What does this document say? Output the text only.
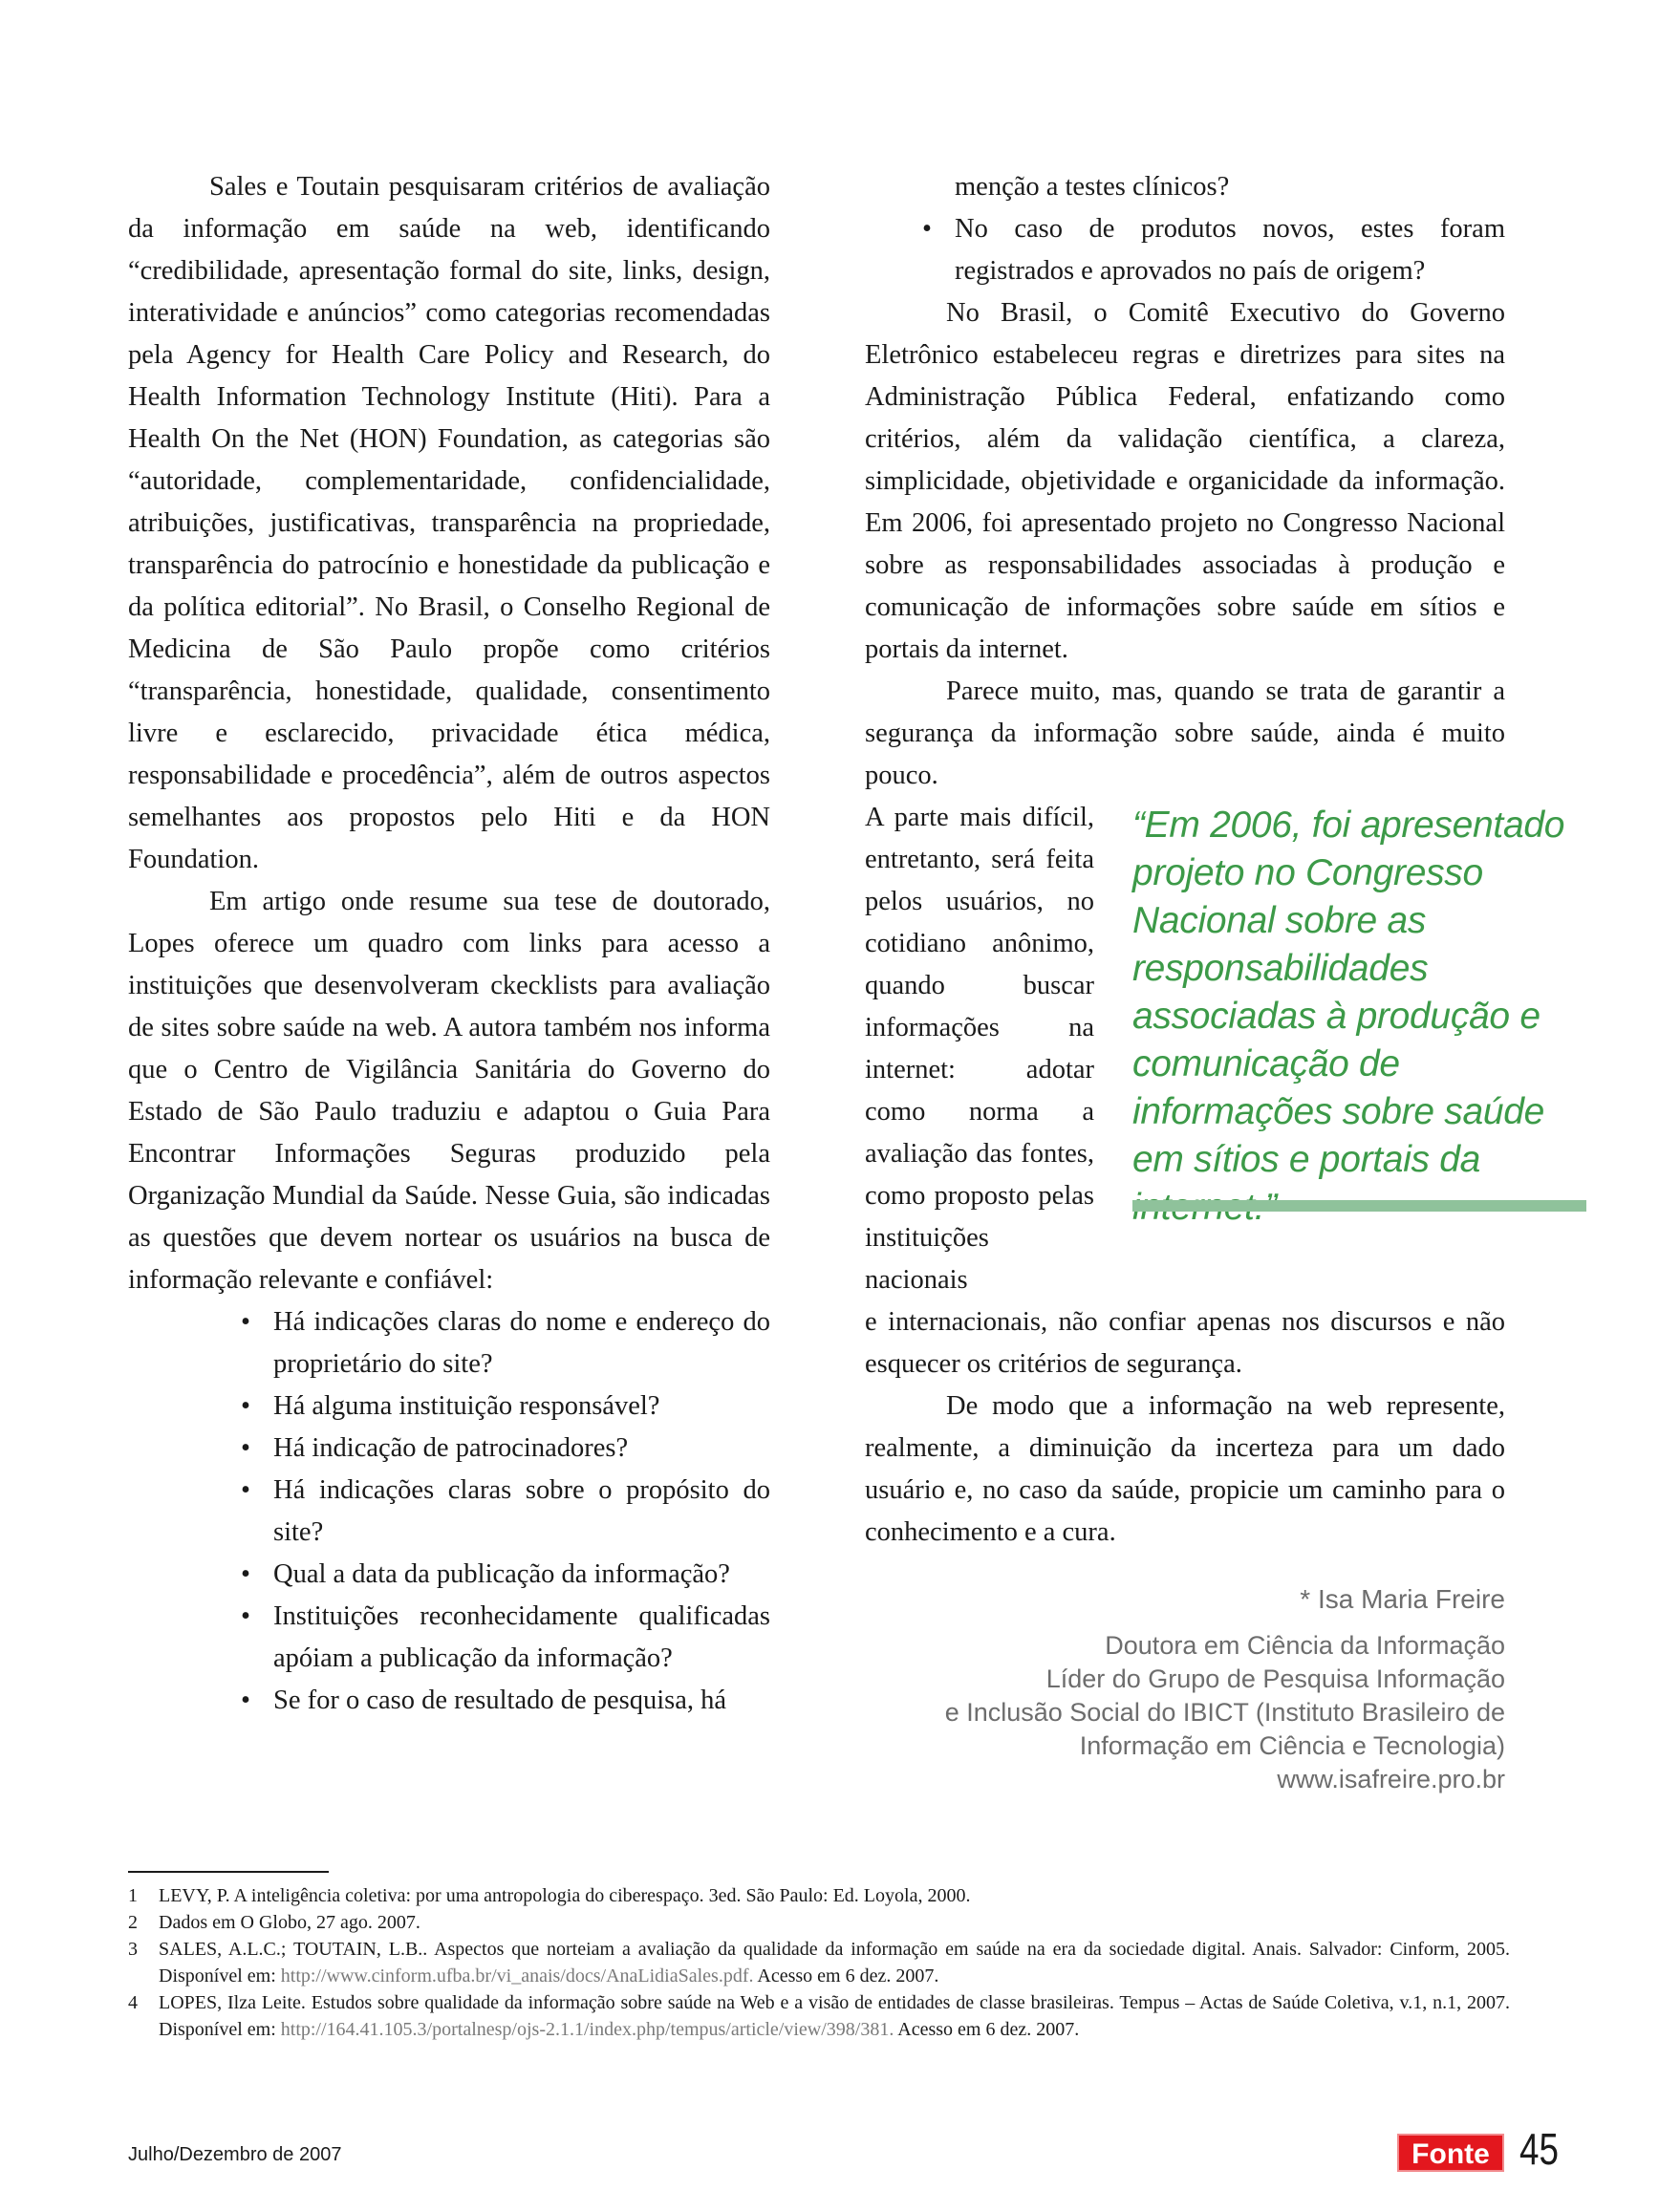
Sales e Toutain pesquisaram critérios de avaliação da informação em saúde na web, identificando “credibilidade, apresentação formal do site, links, design, interatividade e anúncios” como categorias recomendadas pela Agency for Health Care Policy and Research, do Health Information Technology Institute (Hiti). Para a Health On the Net (HON) Foundation, as categorias são “autoridade, complementaridade, confidencialidade, atribuições, justificativas, transparência na propriedade, transparência do patrocínio e honestidade da publicação e da política editorial”. No Brasil, o Conselho Regional de Medicina de São Paulo propõe como critérios “transparência, honestidade, qualidade, consentimento livre e esclarecido, privacidade ética médica, responsabilidade e procedência”, além de outros aspectos semelhantes aos propostos pelo Hiti e da HON Foundation.

Em artigo onde resume sua tese de doutorado, Lopes oferece um quadro com links para acesso a instituições que desenvolveram ckecklists para avaliação de sites sobre saúde na web. A autora também nos informa que o Centro de Vigilância Sanitária do Governo do Estado de São Paulo traduziu e adaptou o Guia Para Encontrar Informações Seguras produzido pela Organização Mundial da Saúde. Nesse Guia, são indicadas as questões que devem nortear os usuários na busca de informação relevante e confiável:

• Há indicações claras do nome e endereço do proprietário do site?
• Há alguma instituição responsável?
• Há indicação de patrocinadores?
• Há indicações claras sobre o propósito do site?
• Qual a data da publicação da informação?
• Instituições reconhecidamente qualificadas apóiam a publicação da informação?
• Se for o caso de resultado de pesquisa, há

menção a testes clínicos?

• No caso de produtos novos, estes foram registrados e aprovados no país de origem?

No Brasil, o Comitê Executivo do Governo Eletrônico estabeleceu regras e diretrizes para sites na Administração Pública Federal, enfatizando como critérios, além da validação científica, a clareza, simplicidade, objetividade e organicidade da informação. Em 2006, foi apresentado projeto no Congresso Nacional sobre as responsabilidades associadas à produção e comunicação de informações sobre saúde em sítios e portais da internet.

Parece muito, mas, quando se trata de garantir a segurança da informação sobre saúde, ainda é muito pouco.

A parte mais difícil, entretanto, será feita pelos usuários, no cotidiano anônimo, quando buscar informações na internet: adotar como norma a avaliação das fontes, como proposto pelas instituições nacionais

e internacionais, não confiar apenas nos discursos e não esquecer os critérios de segurança.

De modo que a informação na web represente, realmente, a diminuição da incerteza para um dado usuário e, no caso da saúde, propicie um caminho para o conhecimento e a cura.

“Em 2006, foi apresentado projeto no Congresso Nacional sobre as responsabilidades associadas à produção e comunicação de informações sobre saúde em sítios e portais da
* Isa Maria Freire
Doutora em Ciência da Informação
Líder do Grupo de Pesquisa Informação
e Inclusão Social do IBICT (Instituto Brasileiro de
Informação em Ciência e Tecnologia)
www.isafreire.pro.br
1	LEVY, P. A inteligência coletiva: por uma antropologia do ciberespaço. 3ed. São Paulo: Ed. Loyola, 2000.
2	Dados em O Globo, 27 ago. 2007.
3	SALES, A.L.C.; TOUTAIN, L.B.. Aspectos que norteiam a avaliação da qualidade da informação em saúde na era da sociedade digital. Anais. Salvador: Cinform, 2005. Disponível em: http://www.cinform.ufba.br/vi_anais/docs/AnaLidiaSales.pdf. Acesso em 6 dez. 2007.
4	LOPES, Ilza Leite. Estudos sobre qualidade da informação sobre saúde na Web e a visão de entidades de classe brasileiras. Tempus – Actas de Saúde Coletiva, v.1, n.1, 2007. Disponível em: http://164.41.105.3/portalnesp/ojs-2.1.1/index.php/tempus/article/view/398/381. Acesso em 6 dez. 2007.
Julho/Dezembro de 2007	Fonte 45
